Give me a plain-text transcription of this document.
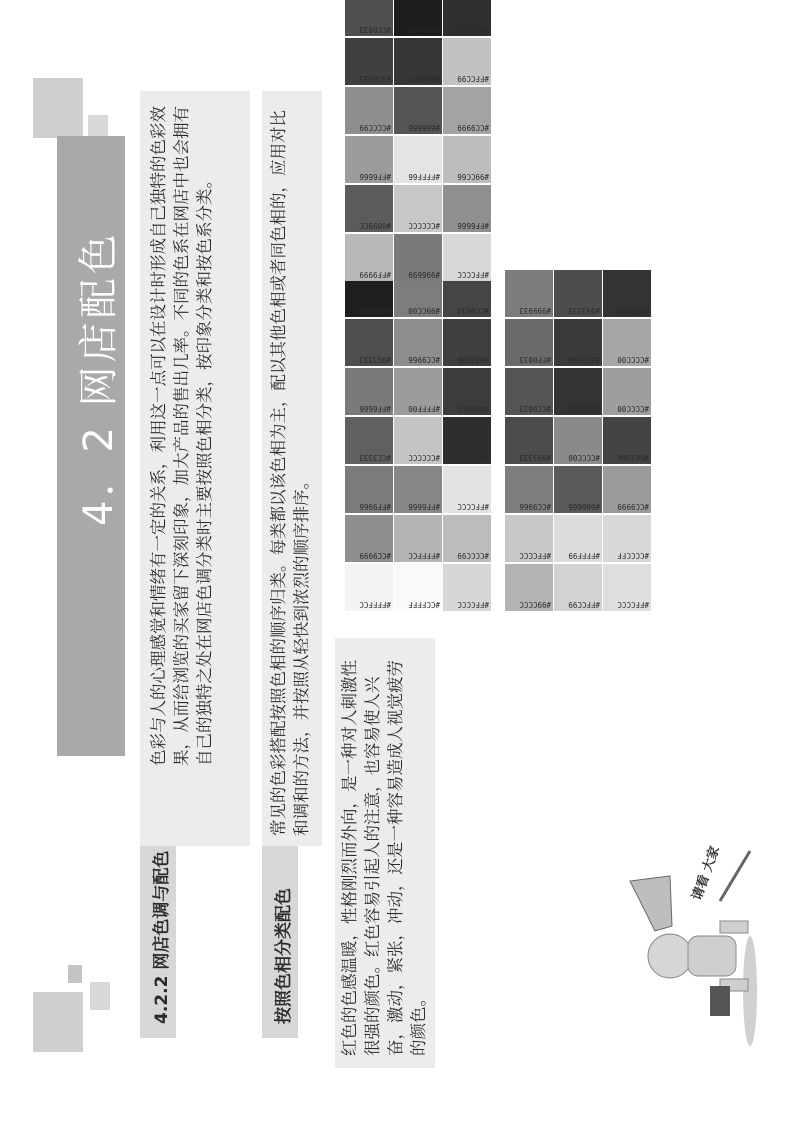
4．2 网店配色
4.2.2 网店色调与配色
色彩与人的心理感觉和情绪有一定的关系，利用这一点可以在设计时形成自己独特的色彩效果，从而给浏览的买家留下深刻印象，加大产品的售出几率。不同的色系在网店中也会拥有自己的独特之处在网店色调分类时主要按照色相分类，按印象分类和按色系分类。
按照色相分类配色
常见的色彩搭配按照色相的顺序归类。每类都以该色相为主，配以其他色相或者同色相的，应用对比和调和的方法，并按照从轻快到浓烈的顺序排序。
红色的色感温暖，性格刚烈而外向，是一种对人刺激性很强的颜色。红色容易引起人的注意，也容易使人兴奋，激动，紧张，冲动，还是一种容易造成人视觉疲劳的颜色。
请看 大家
#FFFFCC #CCFFFF #FFCCCC
#CC9999 #FFFFCC #CCCC99
#FF9966 #FF6666 #FFCCCC
#CC3333 #CCCCCC #003366
#FF6666 #FFFF00 #0066CC
#993333 #CC9966 #003300
#000000 #99CC00 #CC0033
#99CCCC #FFCC99 #FFCCCC
#FFCCCC #FFFF99 #CCCCFF
#CC9966 #666666 #CC9999
#993333 #CCCC00 #663366
#CC0033 #333333 #CCCC00
#FF0033 #333399 #CCCC00
#999933 #993333 #333300
#FF9999 #996699 #FFCCCC
#0099CC #CCCCCC #FF6666
#FF6666 #FFFF66 #99CC66
#CCCC99 #666666 #CC9999
#336633 #990033 #FFCC99
#CC0033 #000000 #003399
